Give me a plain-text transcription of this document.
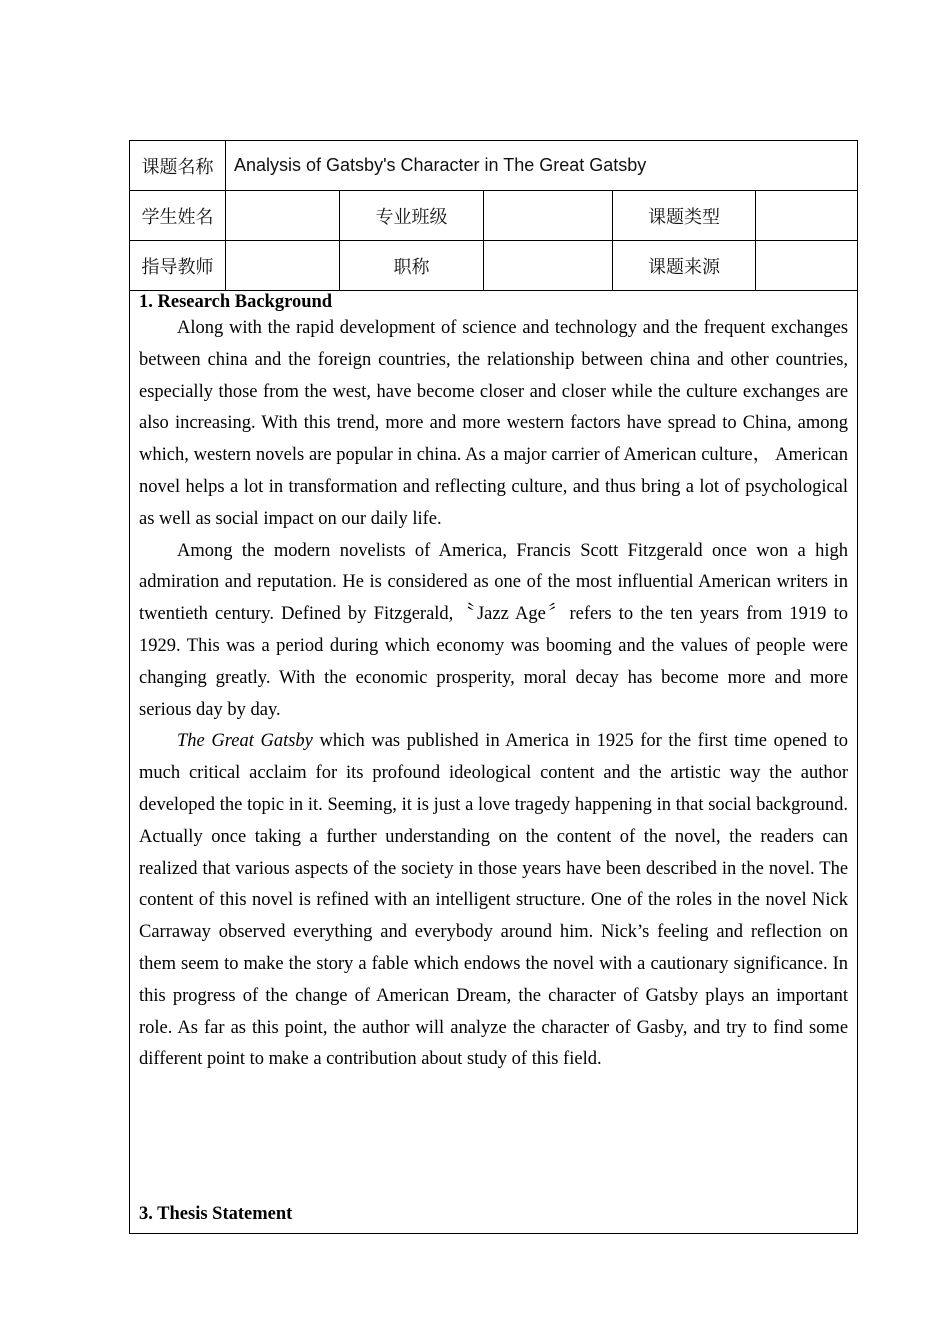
课题名称	Analysis of Gatsby's Character in The Great Gatsby				
学生姓名		专业班级		课题类型	
指导教师		职称		课题来源	

1. Research Background

Along with the rapid development of science and technology and the frequent exchanges between china and the foreign countries, the relationship between china and other countries, especially those from the west, have become closer and closer while the culture exchanges are also increasing. With this trend, more and more western factors have spread to China, among which, western novels are popular in china. As a major carrier of American culture， American novel helps a lot in transformation and reflecting culture, and thus bring a lot of psychological as well as social impact on our daily life.

Among the modern novelists of America, Francis Scott Fitzgerald once won a high admiration and reputation. He is considered as one of the most influential American writers in twentieth century. Defined by Fitzgerald,〝Jazz Age〞refers to the ten years from 1919 to 1929. This was a period during which economy was booming and the values of people were changing greatly. With the economic prosperity, moral decay has become more and more serious day by day.

The Great Gatsby which was published in America in 1925 for the first time opened to much critical acclaim for its profound ideological content and the artistic way the author developed the topic in it. Seeming, it is just a love tragedy happening in that social background. Actually once taking a further understanding on the content of the novel, the readers can realized that various aspects of the society in those years have been described in the novel. The content of this novel is refined with an intelligent structure. One of the roles in the novel Nick Carraway observed everything and everybody around him. Nick’s feeling and reflection on them seem to make the story a fable which endows the novel with a cautionary significance. In this progress of the change of American Dream, the character of Gatsby plays an important role. As far as this point, the author will analyze the character of Gasby, and try to find some different point to make a contribution about study of this field.

3. Thesis Statement					
